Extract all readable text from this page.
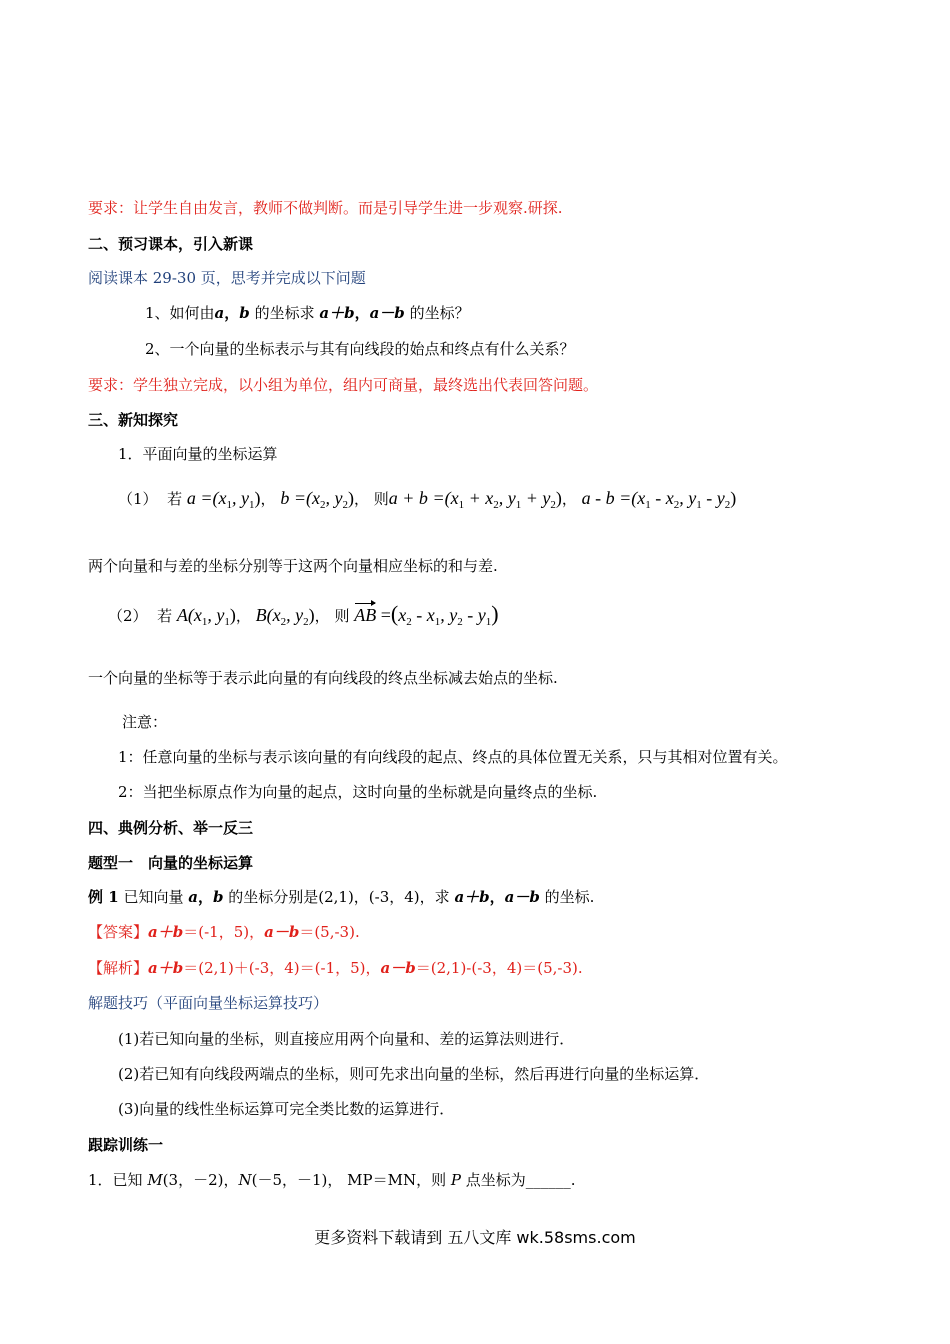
要求：让学生自由发言，教师不做判断。而是引导学生进一步观察.研探.
二、预习课本，引入新课
阅读课本 29-30 页，思考并完成以下问题
1、如何由a，b 的坐标求 a＋b，a－b 的坐标？
2、一个向量的坐标表示与其有向线段的始点和终点有什么关系？
要求：学生独立完成，以小组为单位，组内可商量，最终选出代表回答问题。
三、新知探究
1．平面向量的坐标运算
（1） 若 $a =(x_1$, $y_1$)， $b =(x_2$, $y_2$)， 则$a + b =(x_1 + x_2$, $y_1 + y_2$)， $a - b =(x_1 - x_2$, $y_1 - y_2$)
两个向量和与差的坐标分别等于这两个向量相应坐标的和与差.
（2） 若 $A(x_1$, $y_1$)， $B(x_2$, $y_2$)， 则 AB $=(x_2 - x_1$, $y_2 - y_1$)
一个向量的坐标等于表示此向量的有向线段的终点坐标减去始点的坐标.
注意：
1：任意向量的坐标与表示该向量的有向线段的起点、终点的具体位置无关系，只与其相对位置有关。
2：当把坐标原点作为向量的起点，这时向量的坐标就是向量终点的坐标.
四、典例分析、举一反三
题型一　向量的坐标运算
例 1 已知向量 a，b 的坐标分别是(2,1)，(-3，4)，求 a＋b，a－b 的坐标.
【答案】a＋b＝(-1，5)，a－b＝(5,-3).
【解析】a＋b＝(2,1)＋(-3，4)＝(-1，5)，a－b＝(2,1)-(-3，4)＝(5,-3).
解题技巧（平面向量坐标运算技巧）
(1)若已知向量的坐标，则直接应用两个向量和、差的运算法则进行．
(2)若已知有向线段两端点的坐标，则可先求出向量的坐标，然后再进行向量的坐标运算．
(3)向量的线性坐标运算可完全类比数的运算进行．
跟踪训练一
1．已知 M(3，－2)，N(－5，－1)， MP＝MN，则 P 点坐标为______.
更多资料下载请到 五八文库 wk.58sms.com
